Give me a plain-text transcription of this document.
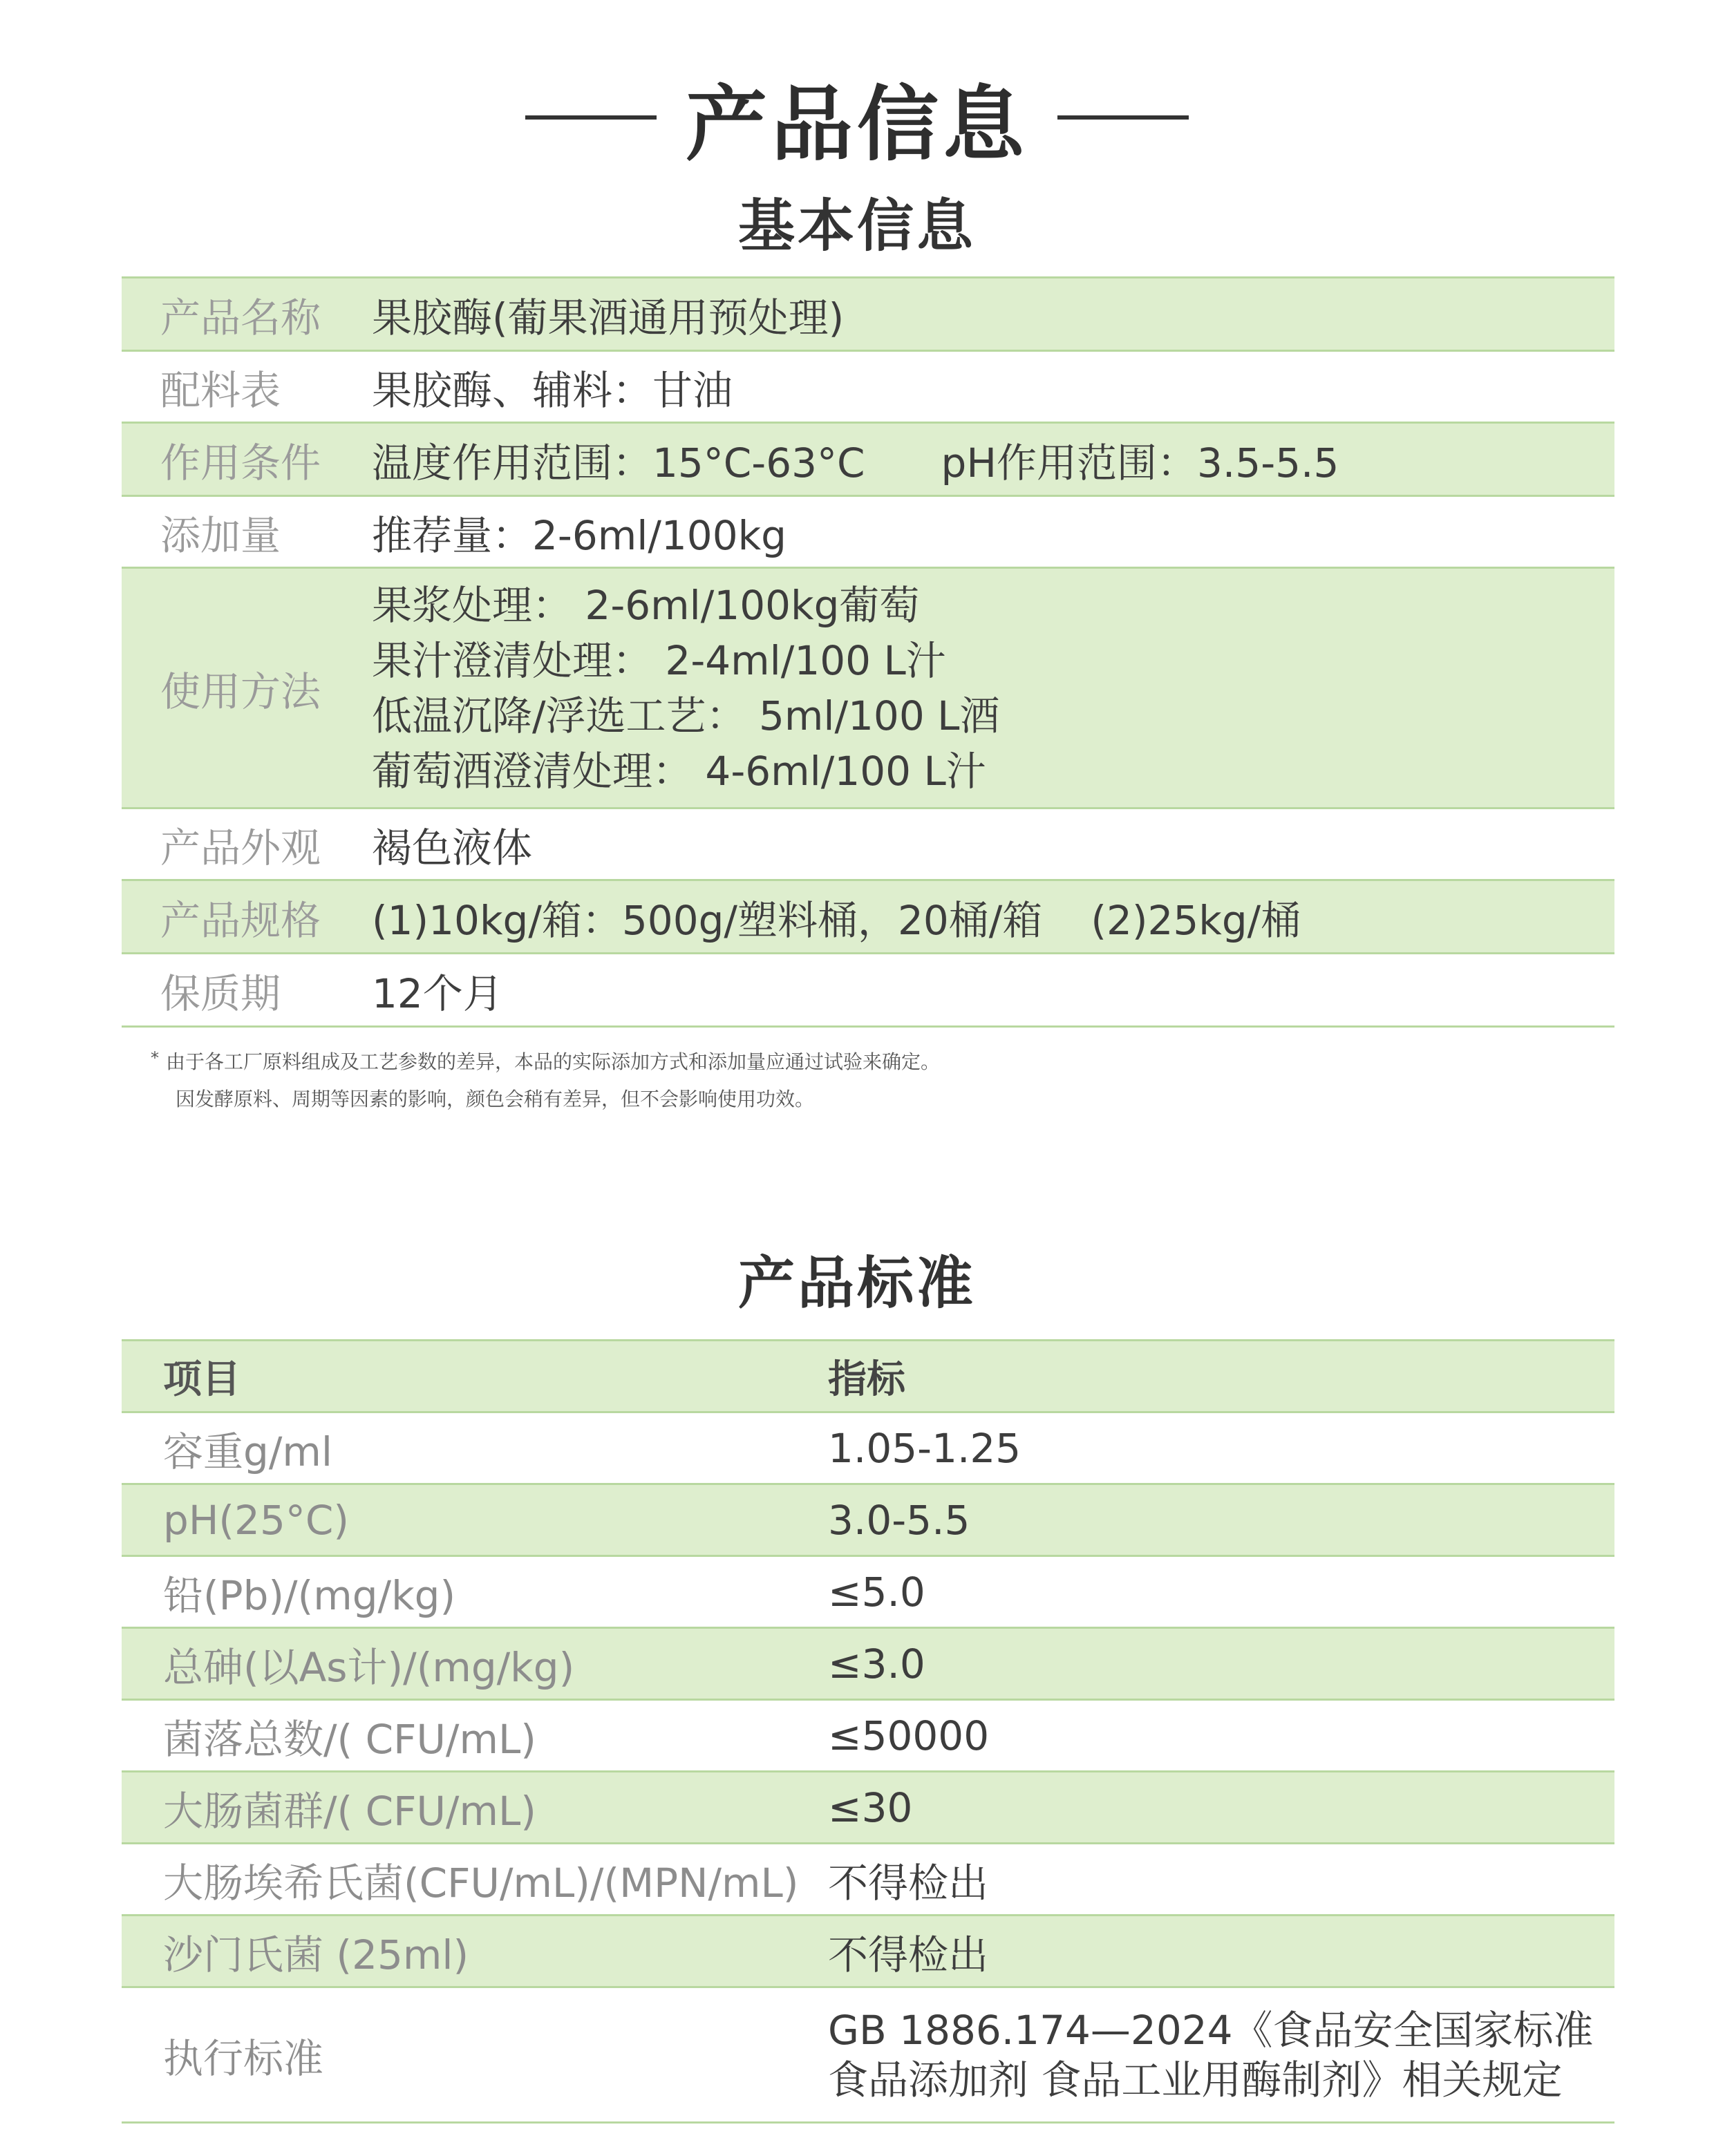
产品信息
基本信息
产品名称	果胶酶(葡果酒通用预处理)
配料表	果胶酶、辅料：甘油
作用条件	温度作用范围：15°C-63°C pH作用范围：3.5-5.5
添加量	推荐量：2-6ml/100kg
使用方法	果浆处理： 2-6ml/100kg葡萄
果汁澄清处理： 2-4ml/100 L汁
低温沉降/浮选工艺： 5ml/100 L酒
葡萄酒澄清处理： 4-6ml/100 L汁

产品外观	褐色液体
产品规格	(1)10kg/箱：500g/塑料桶，20桶/箱 (2)25kg/桶
保质期	12个月
* 由于各工厂原料组成及工艺参数的差异，本品的实际添加方式和添加量应通过试验来确定。
因发酵原料、周期等因素的影响，颜色会稍有差异，但不会影响使用功效。
产品标准
项目	指标
容重g/ml	1.05-1.25
pH(25°C)	3.0-5.5
铅(Pb)/(mg/kg)	≤5.0
总砷(以As计)/(mg/kg)	≤3.0
菌落总数/( CFU/mL)	≤50000
大肠菌群/( CFU/mL)	≤30
大肠埃希氏菌(CFU/mL)/(MPN/mL)	不得检出
沙门氏菌 (25ml)	不得检出
执行标准	GB 1886.174—2024《食品安全国家标准
食品添加剂 食品工业用酶制剂》相关规定
